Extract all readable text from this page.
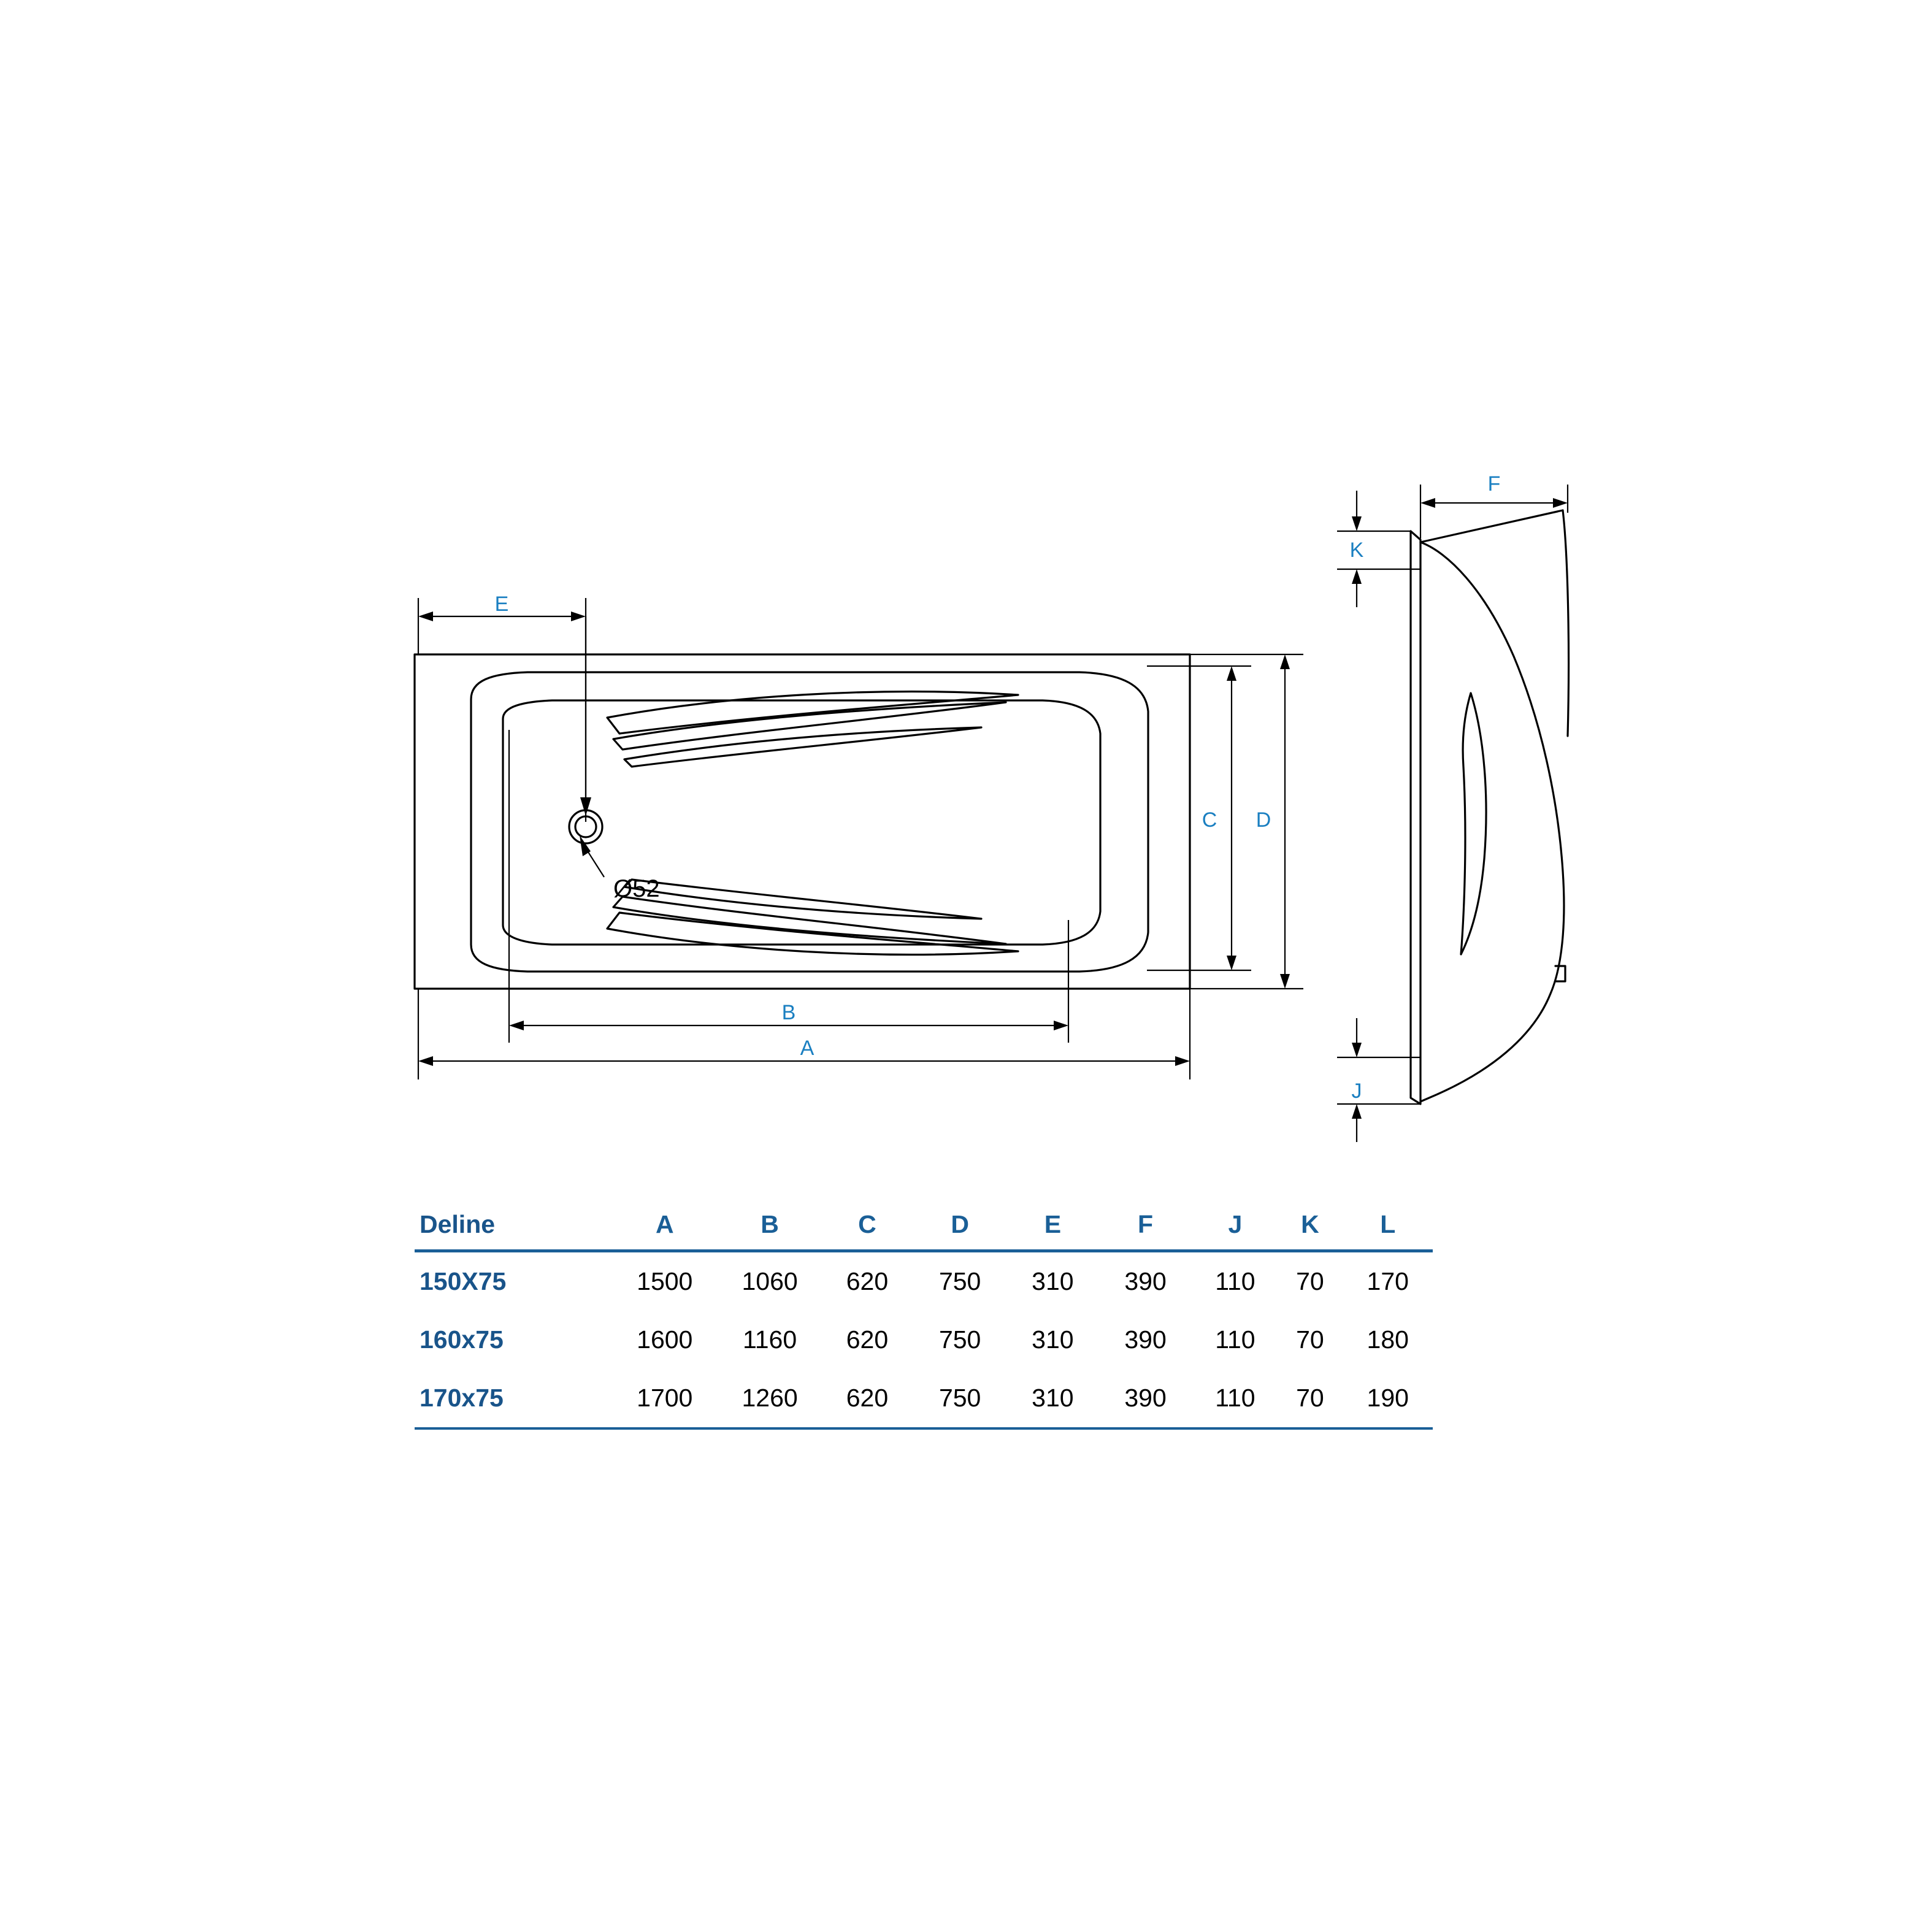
E
B
A
C D
Ø52
F
K
J
Deline	A	B	C	D	E	F	J	K	L
150X75	1500	1060	620	750	310	390	110	70	170
160x75	1600	1160	620	750	310	390	110	70	180
170x75	1700	1260	620	750	310	390	110	70	190
